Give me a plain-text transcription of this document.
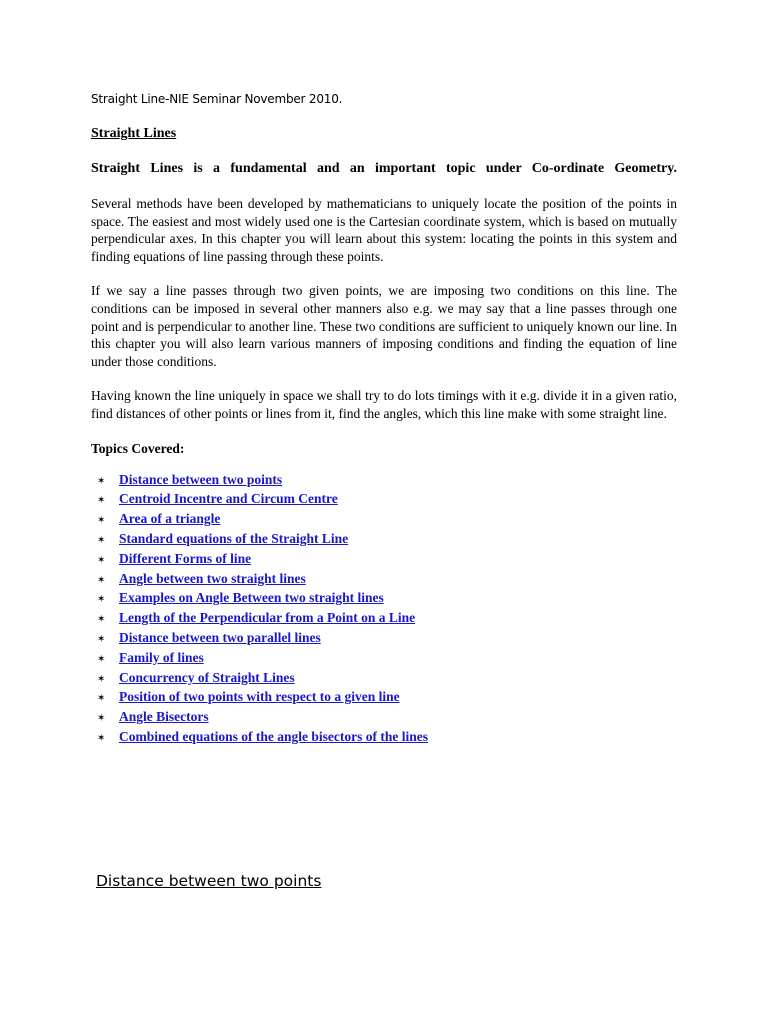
Straight Line-NIE Seminar November 2010.

Straight Lines

Straight Lines is a fundamental and an important topic under Co-ordinate Geometry.

Several methods have been developed by mathematicians to uniquely locate the position of the points in space. The easiest and most widely used one is the Cartesian coordinate system, which is based on mutually perpendicular axes. In this chapter you will learn about this system: locating the points in this system and finding equations of line passing through these points.

If we say a line passes through two given points, we are imposing two conditions on this line. The conditions can be imposed in several other manners also e.g. we may say that a line passes through one point and is perpendicular to another line. These two conditions are sufficient to uniquely known our line. In this chapter you will also learn various manners of imposing conditions and finding the equation of line under those conditions.

Having known the line uniquely in space we shall try to do lots timings with it e.g. divide it in a given ratio, find distances of other points or lines from it, find the angles, which this line make with some straight line.

Topics Covered:

✶	Distance between two points
✶	Centroid Incentre and Circum Centre
✶	Area of a triangle
✶	Standard equations of the Straight Line
✶	Different Forms of line
✶	Angle between two straight lines
✶	Examples on Angle Between two straight lines
✶	Length of the Perpendicular from a Point on a Line
✶	Distance between two parallel lines
✶	Family of lines
✶	Concurrency of Straight Lines
✶	Position of two points with respect to a given line
✶	Angle Bisectors
✶	Combined equations of the angle bisectors of the lines
Distance between two points
